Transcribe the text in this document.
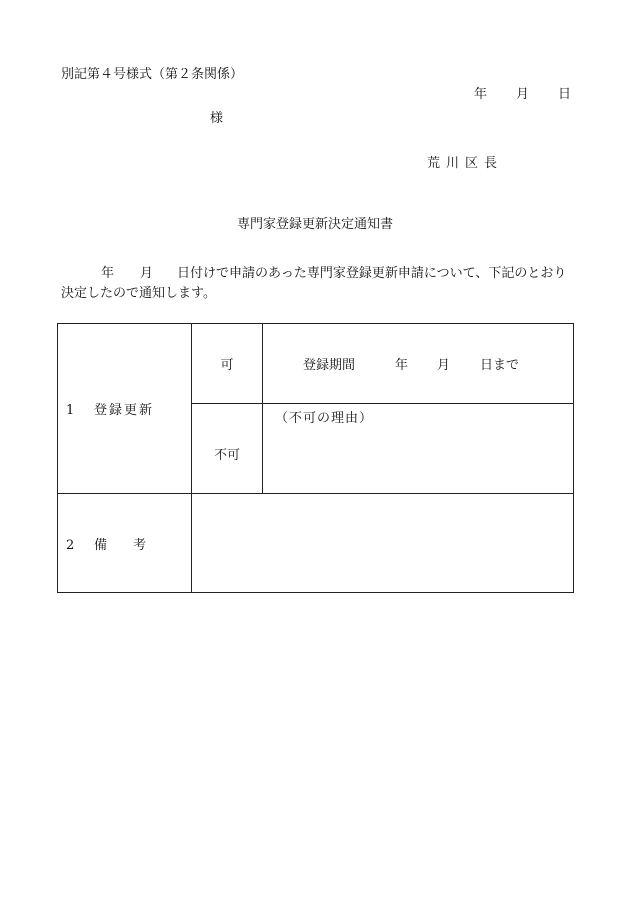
別記第４号様式（第２条関係）
年 月 日
様
荒川区長
専門家登録更新決定通知書
年 月 日付けで申請のあった専門家登録更新申請について、下記のとおり決定したので通知します。
1 登録更新	可	登録期間 年 月 日まで
	不可	（不可の理由）
2 備　　考		
